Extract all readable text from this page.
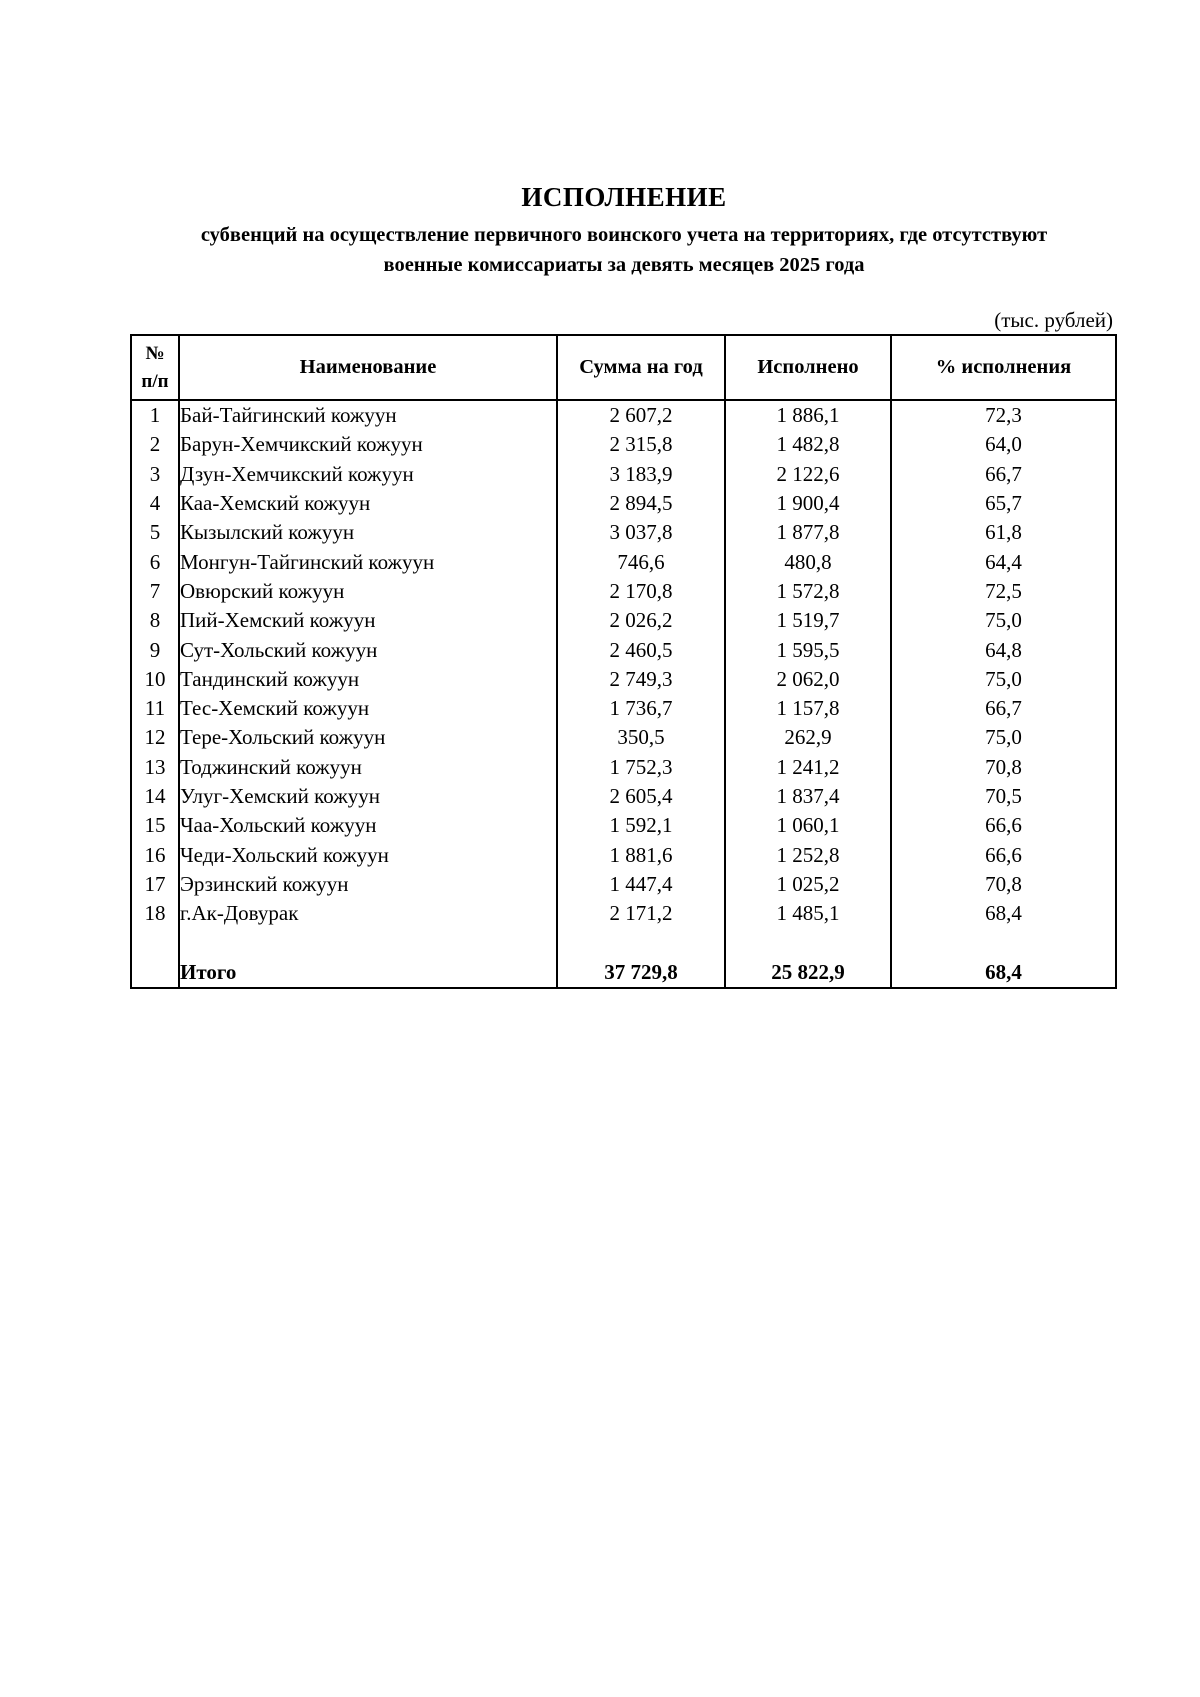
ИСПОЛНЕНИЕ
субвенций на осуществление первичного воинского учета на территориях, где отсутствуют
военные комиссариаты за девять месяцев 2025 года
(тыс. рублей)
№
п/п	Наименование	Сумма на год	Исполнено	% исполнения
1	Бай-Тайгинский кожуун	2 607,2	1 886,1	72,3
2	Барун-Хемчикский кожуун	2 315,8	1 482,8	64,0
3	Дзун-Хемчикский кожуун	3 183,9	2 122,6	66,7
4	Каа-Хемский кожуун	2 894,5	1 900,4	65,7
5	Кызылский кожуун	3 037,8	1 877,8	61,8
6	Монгун-Тайгинский кожуун	746,6	480,8	64,4
7	Овюрский кожуун	2 170,8	1 572,8	72,5
8	Пий-Хемский кожуун	2 026,2	1 519,7	75,0
9	Сут-Хольский кожуун	2 460,5	1 595,5	64,8
10	Тандинский кожуун	2 749,3	2 062,0	75,0
11	Тес-Хемский кожуун	1 736,7	1 157,8	66,7
12	Тере-Хольский кожуун	350,5	262,9	75,0
13	Тоджинский кожуун	1 752,3	1 241,2	70,8
14	Улуг-Хемский кожуун	2 605,4	1 837,4	70,5
15	Чаа-Хольский кожуун	1 592,1	1 060,1	66,6
16	Чеди-Хольский кожуун	1 881,6	1 252,8	66,6
17	Эрзинский кожуун	1 447,4	1 025,2	70,8
18	г.Ак-Довурак	2 171,2	1 485,1	68,4

	Итого	37 729,8	25 822,9	68,4
